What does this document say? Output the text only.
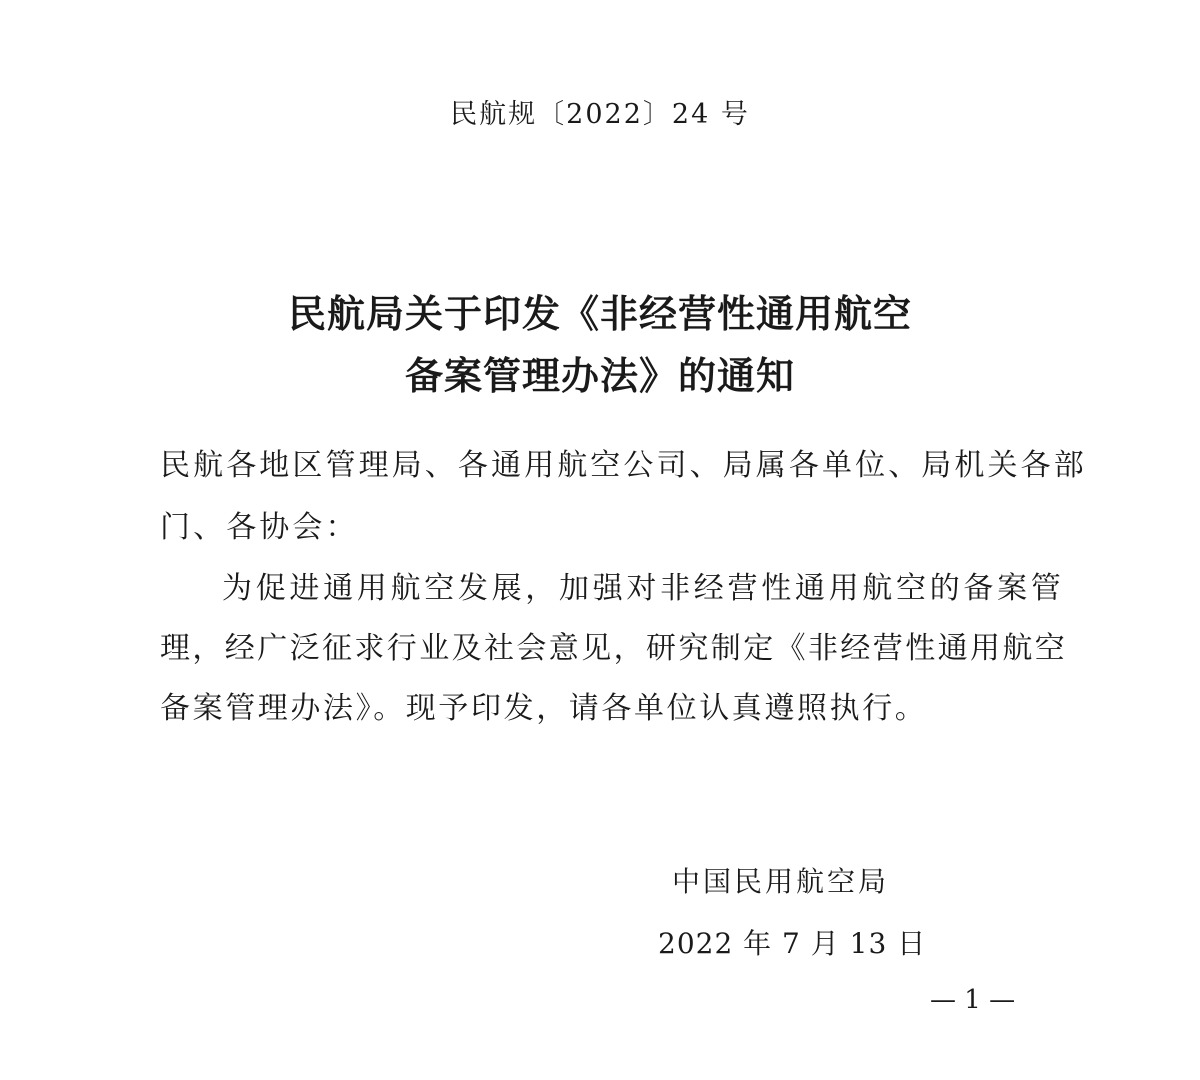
民航规〔2022〕24 号
民航局关于印发《非经营性通用航空
备案管理办法》的通知
民航各地区管理局、各通用航空公司、局属各单位、局机关各部
门、各协会：
为促进通用航空发展，加强对非经营性通用航空的备案管
理，经广泛征求行业及社会意见，研究制定《非经营性通用航空
备案管理办法》。现予印发，请各单位认真遵照执行。
中国民用航空局
2022 年 7 月 13 日
— 1 —
